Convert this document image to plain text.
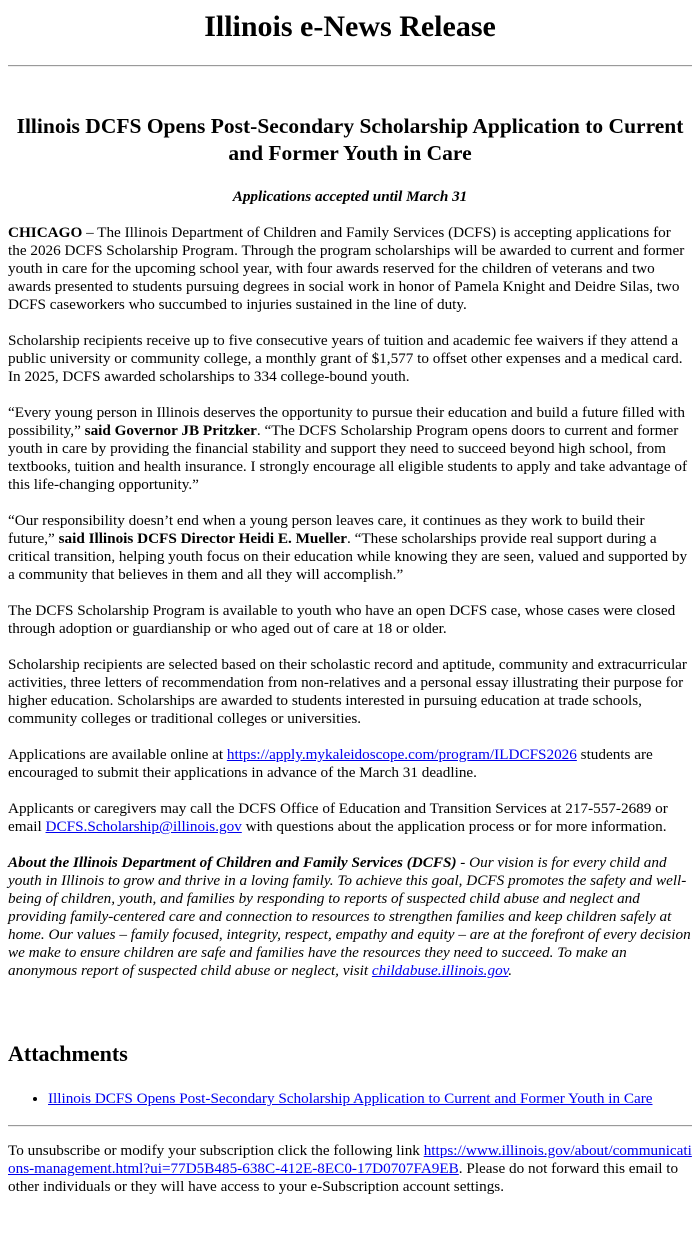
Illinois e-News Release
Illinois DCFS Opens Post-Secondary Scholarship Application to Current and Former Youth in Care
Applications accepted until March 31

CHICAGO – The Illinois Department of Children and Family Services (DCFS) is accepting applications for the 2026 DCFS Scholarship Program. Through the program scholarships will be awarded to current and former youth in care for the upcoming school year, with four awards reserved for the children of veterans and two awards presented to students pursuing degrees in social work in honor of Pamela Knight and Deidre Silas, two DCFS caseworkers who succumbed to injuries sustained in the line of duty.

Scholarship recipients receive up to five consecutive years of tuition and academic fee waivers if they attend a public university or community college, a monthly grant of $1,577 to offset other expenses and a medical card. In 2025, DCFS awarded scholarships to 334 college-bound youth.

“Every young person in Illinois deserves the opportunity to pursue their education and build a future filled with possibility,” said Governor JB Pritzker. “The DCFS Scholarship Program opens doors to current and former youth in care by providing the financial stability and support they need to succeed beyond high school, from textbooks, tuition and health insurance. I strongly encourage all eligible students to apply and take advantage of this life-changing opportunity.”

“Our responsibility doesn’t end when a young person leaves care, it continues as they work to build their future,” said Illinois DCFS Director Heidi E. Mueller. “These scholarships provide real support during a critical transition, helping youth focus on their education while knowing they are seen, valued and supported by a community that believes in them and all they will accomplish.”

The DCFS Scholarship Program is available to youth who have an open DCFS case, whose cases were closed through adoption or guardianship or who aged out of care at 18 or older.

Scholarship recipients are selected based on their scholastic record and aptitude, community and extracurricular activities, three letters of recommendation from non-relatives and a personal essay illustrating their purpose for higher education. Scholarships are awarded to students interested in pursuing education at trade schools, community colleges or traditional colleges or universities.

Applications are available online at https://apply.mykaleidoscope.com/program/ILDCFS2026 students are encouraged to submit their applications in advance of the March 31 deadline.

Applicants or caregivers may call the DCFS Office of Education and Transition Services at 217-557-2689 or email DCFS.Scholarship@illinois.gov with questions about the application process or for more information.

About the Illinois Department of Children and Family Services (DCFS) - Our vision is for every child and youth in Illinois to grow and thrive in a loving family. To achieve this goal, DCFS promotes the safety and well-being of children, youth, and families by responding to reports of suspected child abuse and neglect and providing family-centered care and connection to resources to strengthen families and keep children safely at home. Our values – family focused, integrity, respect, empathy and equity – are at the forefront of every decision we make to ensure children are safe and families have the resources they need to succeed. To make an anonymous report of suspected child abuse or neglect, visit childabuse.illinois.gov.

Attachments
• Illinois DCFS Opens Post-Secondary Scholarship Application to Current and Former Youth in Care
To unsubscribe or modify your subscription click the following link https://www.illinois.gov/about/communications-management.html?ui=77D5B485-638C-412E-8EC0-17D0707FA9EB. Please do not forward this email to other individuals or they will have access to your e-Subscription account settings.
